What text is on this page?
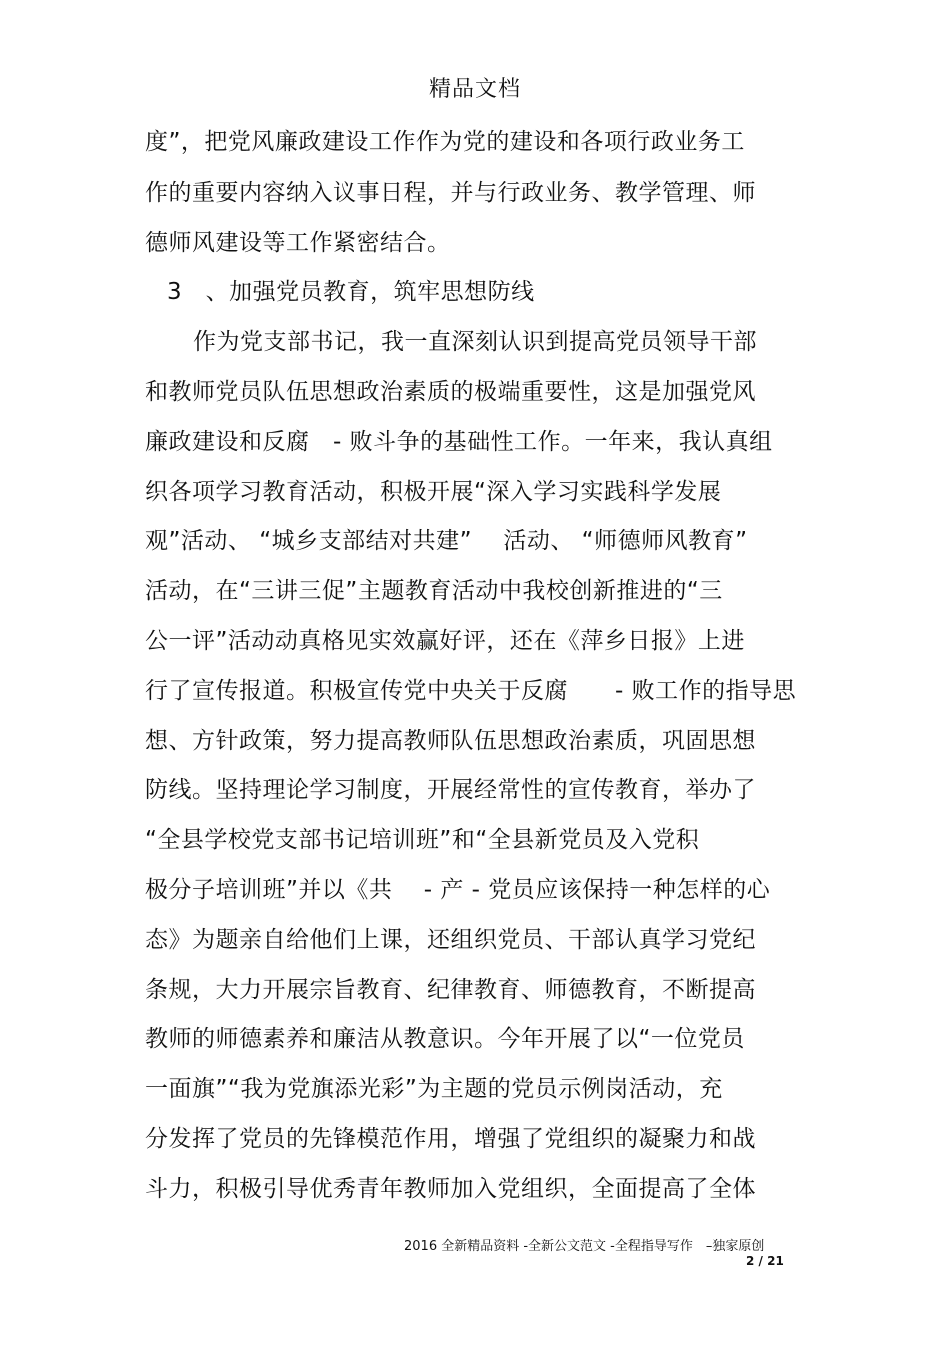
精品文档
度”，把党风廉政建设工作作为党的建设和各项行政业务工
作的重要内容纳入议事日程，并与行政业务、教学管理、师
德师风建设等工作紧密结合。
3　、加强党员教育，筑牢思想防线
作为党支部书记，我一直深刻认识到提高党员领导干部
和教师党员队伍思想政治素质的极端重要性，这是加强党风
廉政建设和反腐　- 败斗争的基础性工作。一年来，我认真组
织各项学习教育活动，积极开展“深入学习实践科学发展
观”活动、 “城乡支部结对共建”　 活动、 “师德师风教育”
活动，在“三讲三促”主题教育活动中我校创新推进的“三
公一评”活动动真格见实效赢好评，还在《萍乡日报》上进
行了宣传报道。积极宣传党中央关于反腐　　- 败工作的指导思
想、方针政策，努力提高教师队伍思想政治素质，巩固思想
防线。坚持理论学习制度，开展经常性的宣传教育，举办了
“全县学校党支部书记培训班”和“全县新党员及入党积
极分子培训班”并以《共　 - 产 - 党员应该保持一种怎样的心
态》为题亲自给他们上课，还组织党员、干部认真学习党纪
条规，大力开展宗旨教育、纪律教育、师德教育，不断提高
教师的师德素养和廉洁从教意识。今年开展了以“一位党员
一面旗”“我为党旗添光彩”为主题的党员示例岗活动，充
分发挥了党员的先锋模范作用，增强了党组织的凝聚力和战
斗力，积极引导优秀青年教师加入党组织，全面提高了全体
2016 全新精品资料 -全新公文范文 -全程指导写作　–独家原创
2 / 21
